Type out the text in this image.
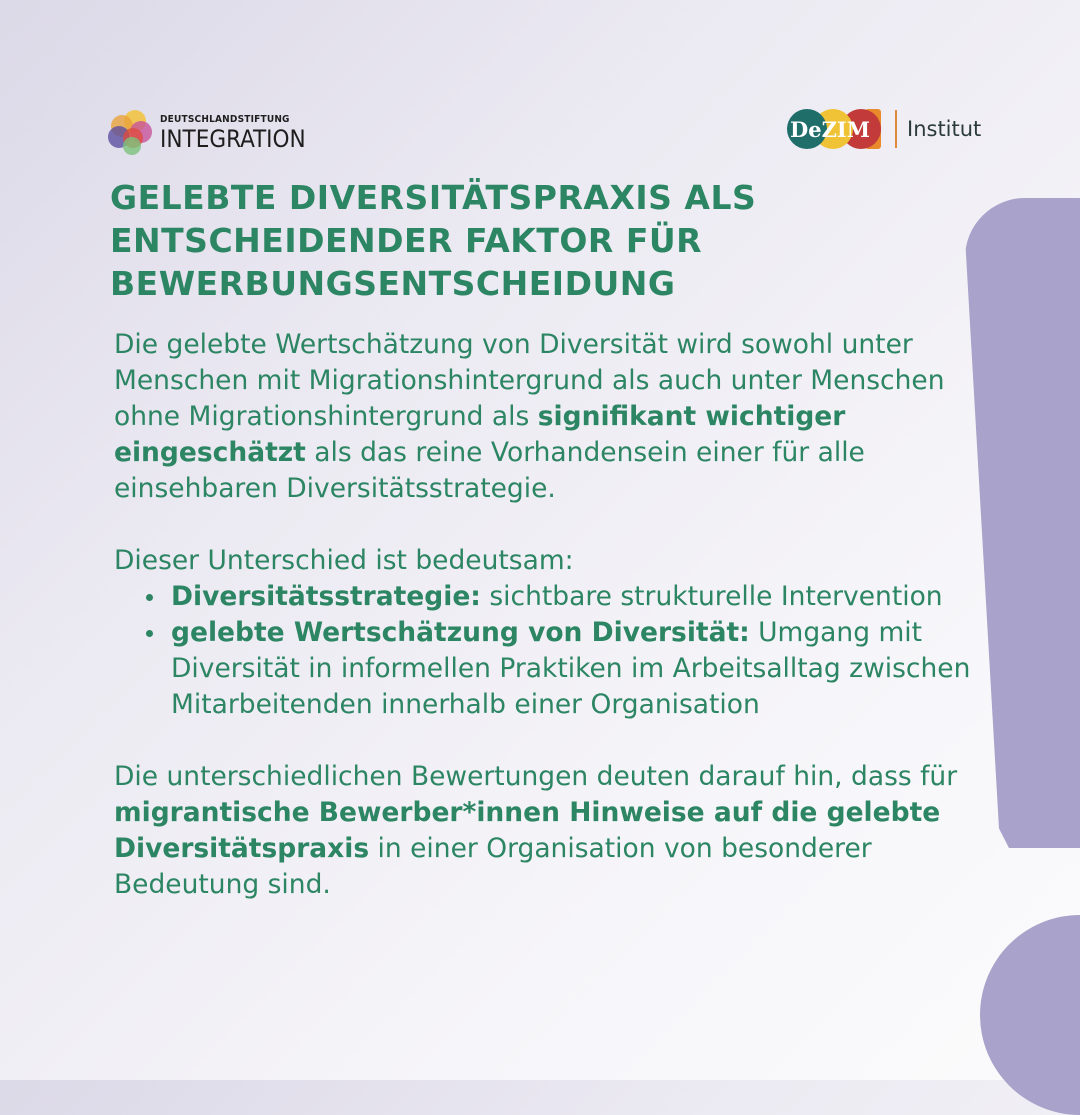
DEUTSCHLANDSTIFTUNG
INTEGRATION	DeZIM Institut
GELEBTE DIVERSITÄTSPRAXIS ALS ENTSCHEIDENDER FAKTOR FÜR BEWERBUNGSENTSCHEIDUNG

Die gelebte Wertschätzung von Diversität wird sowohl unter Menschen mit Migrationshintergrund als auch unter Menschen ohne Migrationshintergrund als signifikant wichtiger eingeschätzt als das reine Vorhandensein einer für alle einsehbaren Diversitätsstrategie.

Dieser Unterschied ist bedeutsam:

Diversitätsstrategie: sichtbare strukturelle Intervention
gelebte Wertschätzung von Diversität: Umgang mit Diversität in informellen Praktiken im Arbeitsalltag zwischen Mitarbeitenden innerhalb einer Organisation

Die unterschiedlichen Bewertungen deuten darauf hin, dass für migrantische Bewerber*innen Hinweise auf die gelebte Diversitätspraxis in einer Organisation von besonderer Bedeutung sind.
